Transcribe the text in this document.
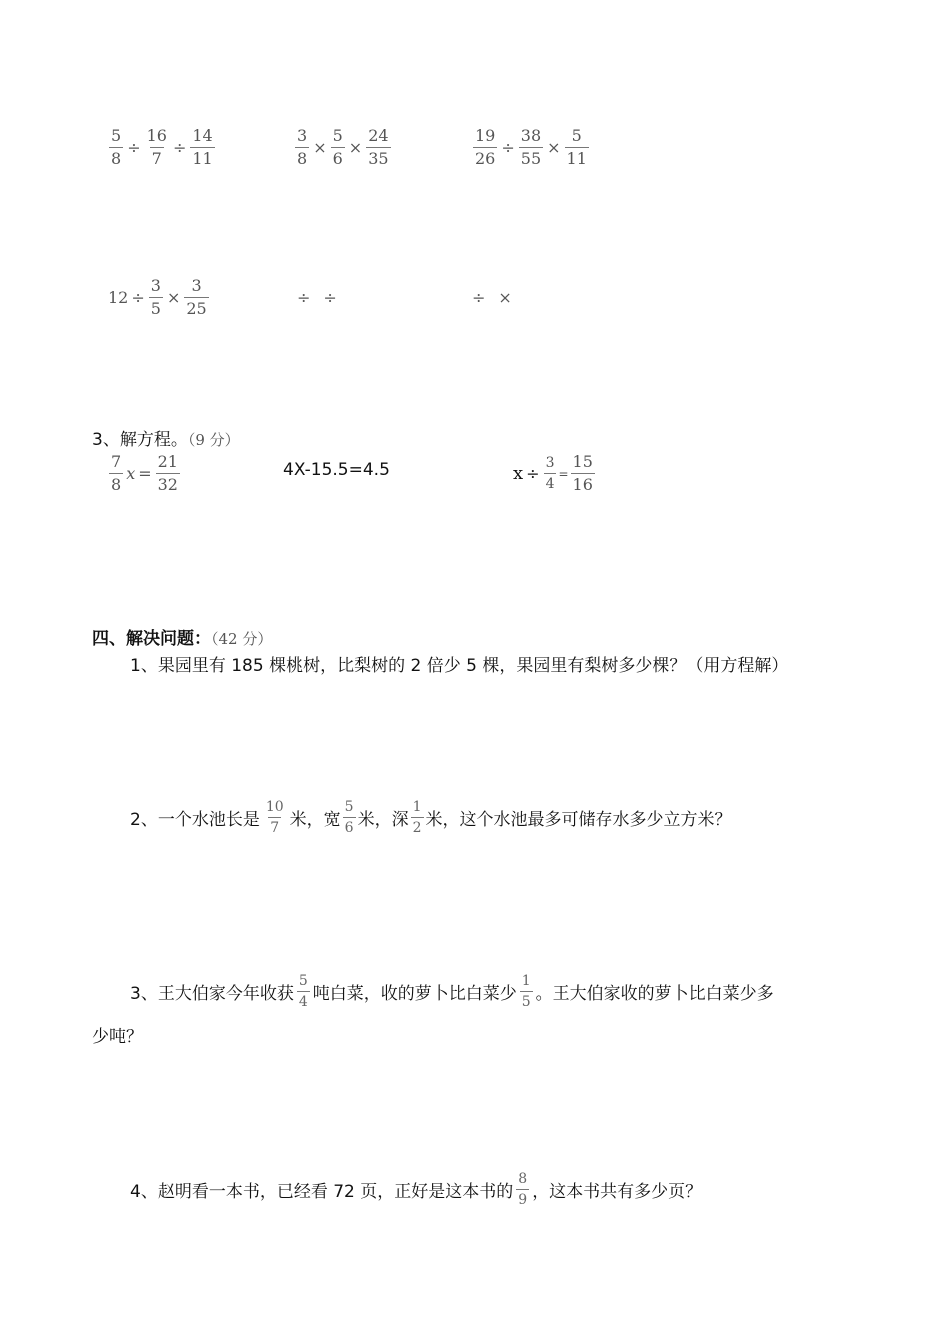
$\frac{5}{8} \div \frac{16}{7} \div \frac{14}{11}$	$\frac{3}{8} \times \frac{5}{6} \times \frac{24}{35}$	$\frac{19}{26} \div \frac{38}{55} \times \frac{5}{11}$
$12 \div \frac{3}{5} \times \frac{3}{25}$	÷ ÷	÷ ×
3、解方程。（9 分）
$\frac{7}{8}$ $x = \frac{21}{32}$	4X-15.5=4.5	$x \div \frac{3}{4} = \frac{15}{16}$
四、解决问题：（42 分）
1、果园里有 185 棵桃树，比梨树的 2 倍少 5 棵，果园里有梨树多少棵？（用方程解）
2、一个水池长是 $\frac{10}{7}$ 米，宽 $\frac{5}{6}$ 米，深 $\frac{1}{2}$ 米，这个水池最多可储存水多少立方米？
3、王大伯家今年收获 $\frac{5}{4}$ 吨白菜，收的萝卜比白菜少 $\frac{1}{5}$ 。王大伯家收的萝卜比白菜少多
少吨？
4、赵明看一本书，已经看 72 页，正好是这本书的 $\frac{8}{9}$ ，这本书共有多少页？
